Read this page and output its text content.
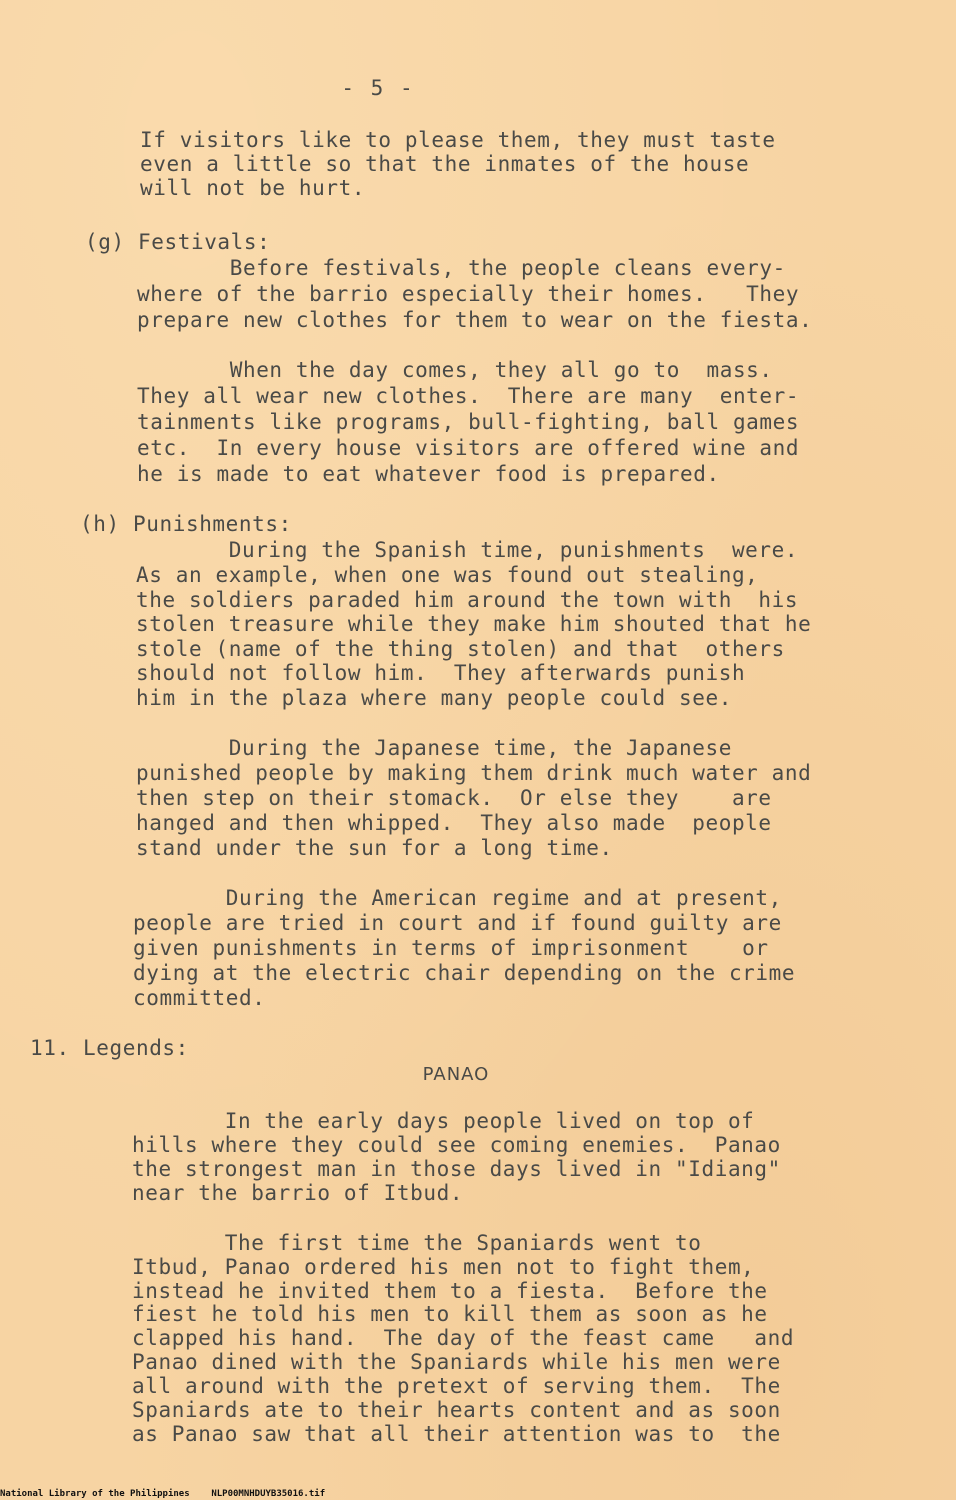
- 5 -
If visitors like to please them, they must taste
even a little so that the inmates of the house
will not be hurt.
(g) Festivals:
Before festivals, the people cleans every-
where of the barrio especially their homes.   They
prepare new clothes for them to wear on the fiesta.
When the day comes, they all go to  mass.
They all wear new clothes.  There are many  enter-
tainments like programs, bull-fighting, ball games
etc.  In every house visitors are offered wine and
he is made to eat whatever food is prepared.
(h) Punishments:
During the Spanish time, punishments  were.
As an example, when one was found out stealing,
the soldiers paraded him around the town with  his
stolen treasure while they make him shouted that he
stole (name of the thing stolen) and that  others
should not follow him.  They afterwards punish
him in the plaza where many people could see.
During the Japanese time, the Japanese
punished people by making them drink much water and
then step on their stomack.  Or else they    are
hanged and then whipped.  They also made  people
stand under the sun for a long time.
During the American regime and at present,
people are tried in court and if found guilty are
given punishments in terms of imprisonment    or
dying at the electric chair depending on the crime
committed.
11. Legends:
PANAO
In the early days people lived on top of
hills where they could see coming enemies.  Panao
the strongest man in those days lived in "Idiang"
near the barrio of Itbud.
The first time the Spaniards went to
Itbud, Panao ordered his men not to fight them,
instead he invited them to a fiesta.  Before the
fiest he told his men to kill them as soon as he
clapped his hand.  The day of the feast came   and
Panao dined with the Spaniards while his men were
all around with the pretext of serving them.  The
Spaniards ate to their hearts content and as soon
as Panao saw that all their attention was to  the
National Library of the Philippines    NLP00MNHDUYB35016.tif
